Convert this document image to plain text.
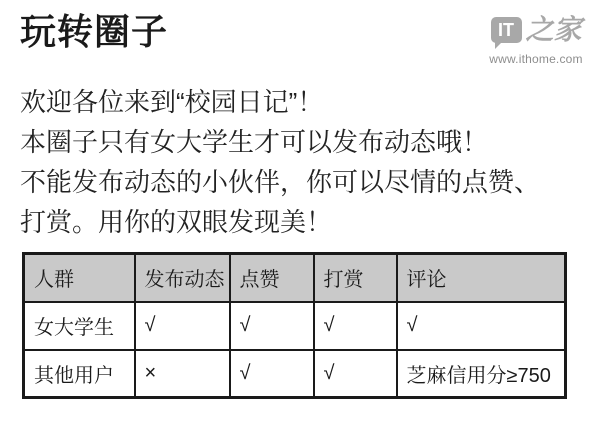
玩转圈子	IT 之家
www.ithome.com

欢迎各位来到“校园日记”！

本圈子只有女大学生才可以发布动态哦！

不能发布动态的小伙伴，你可以尽情的点赞、

打赏。用你的双眼发现美！

人群	发布动态	点赞	打赏	评论
女大学生	√	√	√	√
其他用户	×	√	√	芝麻信用分≥750
